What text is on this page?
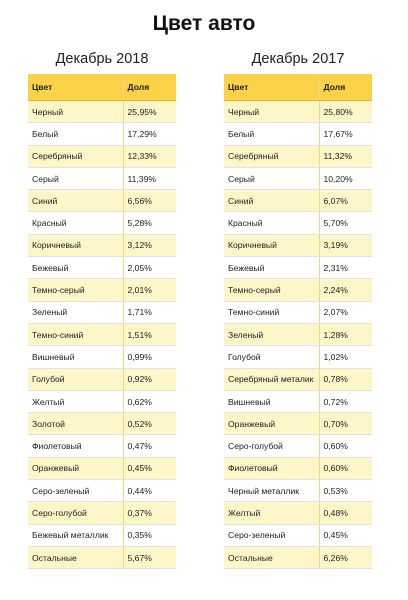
Цвет авто
Декабрь 2018
Цвет	Доля
Черный	25,95%
Белый	17,29%
Серебряный	12,33%
Серый	11,39%
Синий	6,56%
Красный	5,28%
Коричневый	3,12%
Бежевый	2,05%
Темно-серый	2,01%
Зеленый	1,71%
Темно-синий	1,51%
Вишневый	0,99%
Голубой	0,92%
Желтый	0,62%
Золотой	0,52%
Фиолетовый	0,47%
Оранжевый	0,45%
Серо-зеленый	0,44%
Серо-голубой	0,37%
Бежевый металлик	0,35%
Остальные	5,67%
Декабрь 2017
Цвет	Доля
Черный	25,80%
Белый	17,67%
Серебряный	11,32%
Серый	10,20%
Синий	6,07%
Красный	5,70%
Коричневый	3,19%
Бежевый	2,31%
Темно-серый	2,24%
Темно-синий	2,07%
Зеленый	1,28%
Голубой	1,02%
Серебряный металик	0,78%
Вишневый	0,72%
Оранжевый	0,70%
Серо-голубой	0,60%
Фиолетовый	0,60%
Черный металлик	0,53%
Желтый	0,48%
Серо-зеленый	0,45%
Остальные	6,26%
